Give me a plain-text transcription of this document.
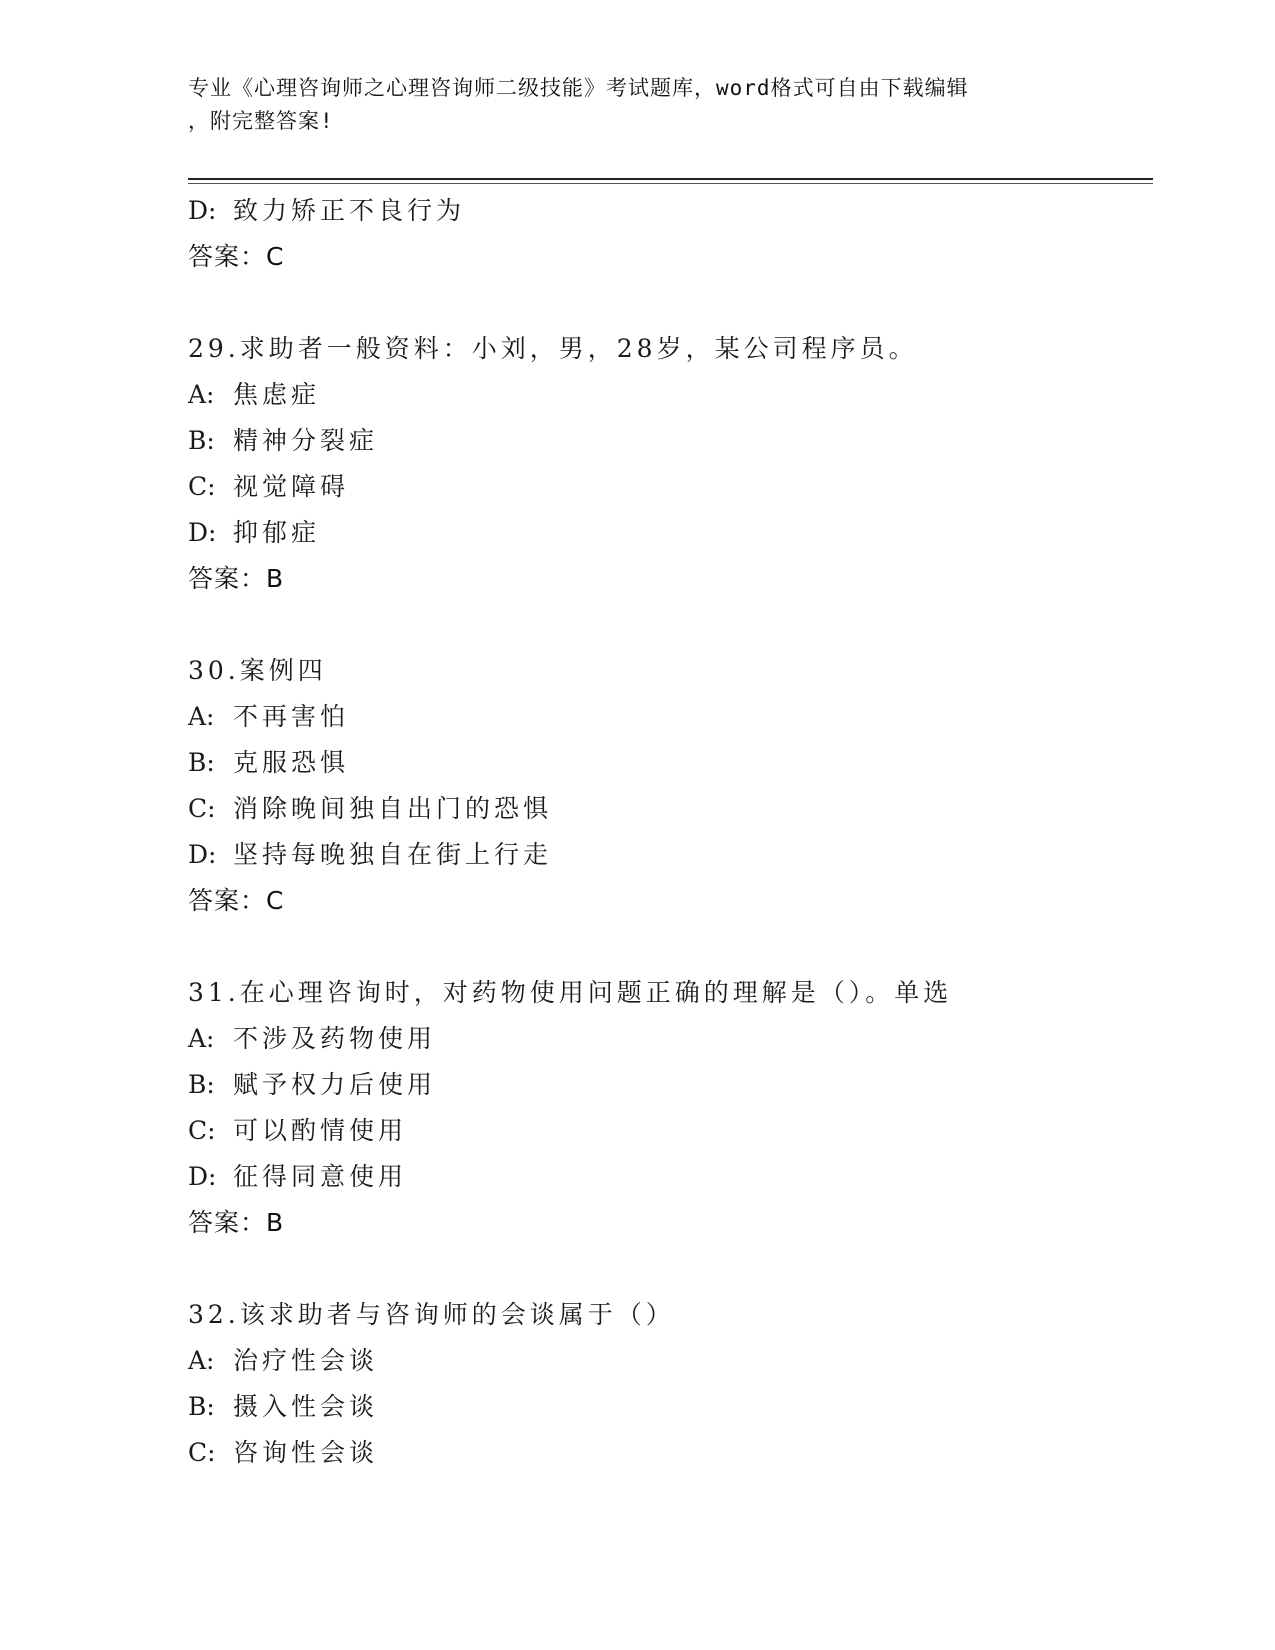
专业《心理咨询师之心理咨询师二级技能》考试题库，word格式可自由下载编辑
，附完整答案!
D: 致力矫正不良行为
答案：C
29.求助者一般资料：小刘，男，28岁，某公司程序员。
A: 焦虑症
B: 精神分裂症
C: 视觉障碍
D: 抑郁症
答案：B
30.案例四
A: 不再害怕
B: 克服恐惧
C: 消除晚间独自出门的恐惧
D: 坚持每晚独自在街上行走
答案：C
31.在心理咨询时，对药物使用问题正确的理解是（）。单选
A: 不涉及药物使用
B: 赋予权力后使用
C: 可以酌情使用
D: 征得同意使用
答案：B
32.该求助者与咨询师的会谈属于（）
A: 治疗性会谈
B: 摄入性会谈
C: 咨询性会谈
